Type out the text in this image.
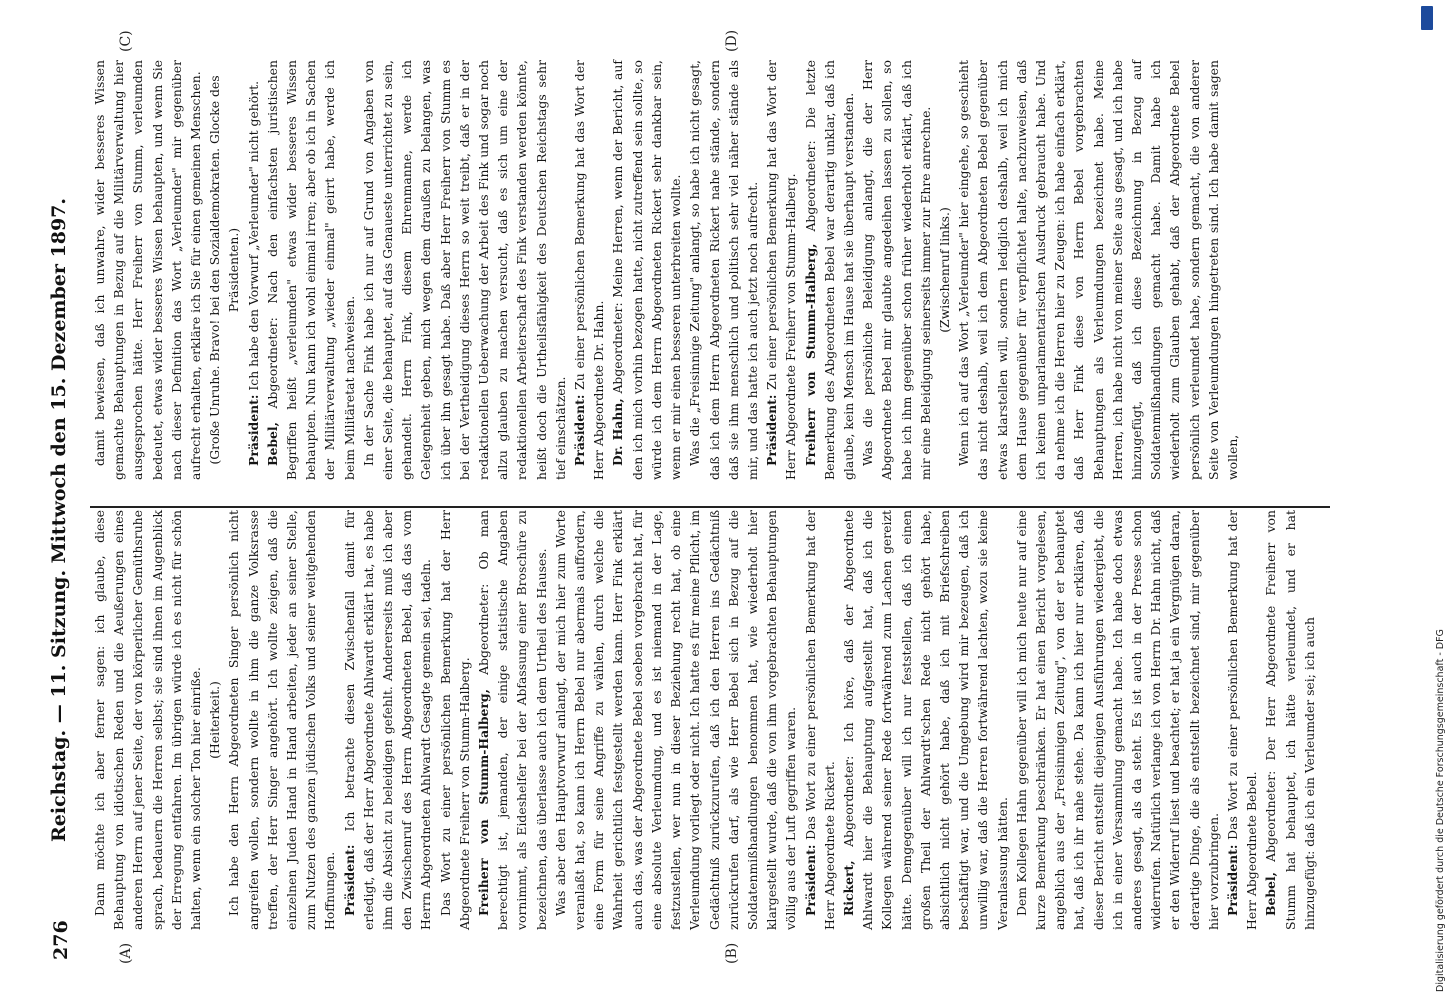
276
Reichstag. — 11. Sitzung. Mittwoch den 15. Dezember 1897.
(A)	(B)
(C)	(D)

Dann möchte ich aber ferner sagen: ich glaube, diese Behauptung von idiotischen Reden und die Aeußerungen eines anderen Herrn auf jener Seite, der von körperlicher Gemüthsruhe sprach, bedauern die Herren selbst; sie sind ihnen im Augenblick der Erregung entfahren. Im übrigen würde ich es nicht für schön halten, wenn ein solcher Ton hier einriße. (Heiterkeit.) Ich habe den Herrn Abgeordneten Singer persönlich nicht angreifen wollen, sondern wollte in ihm die ganze Volksrasse treffen, der Herr Singer angehört. Ich wollte zeigen, daß die einzelnen Juden Hand in Hand arbeiten, jeder an seiner Stelle, zum Nutzen des ganzen jüdischen Volks und seiner weitgehenden Hoffnungen. Präsident: Ich betrachte diesen Zwischenfall damit für erledigt, daß der Herr Abgeordnete Ahlwardt erklärt hat, es habe ihm die Absicht zu beleidigen gefehlt. Andererseits muß ich aber den Zwischenruf des Herrn Abgeordneten Bebel, daß das vom Herrn Abgeordneten Ahlwardt Gesagte gemein sei, tadeln. Das Wort zu einer persönlichen Bemerkung hat der Herr Abgeordnete Freiherr von Stumm-Halberg. Freiherr von Stumm-Halberg, Abgeordneter: Ob man berechtigt ist, jemanden, der einige statistische Angaben vornimmt, als Eideshelfer bei der Abfassung einer Broschüre zu bezeichnen, das überlasse auch ich dem Urtheil des Hauses. Was aber den Hauptvorwurf anlangt, der mich hier zum Worte veranlaßt hat, so kann ich Herrn Bebel nur abermals auffordern, eine Form für seine Angriffe zu wählen, durch welche die Wahrheit gerichtlich festgestellt werden kann. Herr Fink erklärt auch das, was der Abgeordnete Bebel soeben vorgebracht hat, für eine absolute Verleumdung, und es ist niemand in der Lage, festzustellen, wer nun in dieser Beziehung recht hat, ob eine Verleumdung vorliegt oder nicht. Ich hatte es für meine Pflicht, im Gedächtniß zurückzurufen, daß ich den Herren ins Gedächtniß zurückrufen darf, als wie Herr Bebel sich in Bezug auf die Soldatenmißhandlungen benommen hat, wie wiederholt hier klargestellt wurde, daß die von ihm vorgebrachten Behauptungen völlig aus der Luft gegriffen waren. Präsident: Das Wort zu einer persönlichen Bemerkung hat der Herr Abgeordnete Rickert. Rickert, Abgeordneter: Ich höre, daß der Abgeordnete Ahlwardt hier die Behauptung aufgestellt hat, daß ich die Kollegen während seiner Rede fortwährend zum Lachen gereizt hätte. Demgegenüber will ich nur feststellen, daß ich einen großen Theil der Ahlwardt'schen Rede nicht gehört habe, absichtlich nicht gehört habe, daß ich mit Briefschreiben beschäftigt war, und die Umgebung wird mir bezeugen, daß ich unwillig war, daß die Herren fortwährend lachten, wozu sie keine Veranlassung hätten. Dem Kollegen Hahn gegenüber will ich mich heute nur auf eine kurze Bemerkung beschränken. Er hat einen Bericht vorgelesen, angeblich aus der „Freisinnigen Zeitung", von der er behauptet hat, daß ich ihr nahe stehe. Da kann ich hier nur erklären, daß dieser Bericht entstellt diejenigen Ausführungen wiedergiebt, die ich in einer Versammlung gemacht habe. Ich habe doch etwas anderes gesagt, als da steht. Es ist auch in der Presse schon widerrufen. Natürlich verlange ich von Herrn Dr. Hahn nicht, daß er den Widerruf liest und beachtet; er hat ja ein Vergnügen daran, derartige Dinge, die als entstellt bezeichnet sind, mir gegenüber hier vorzubringen. Präsident: Das Wort zu einer persönlichen Bemerkung hat der Herr Abgeordnete Bebel. Bebel, Abgeordneter: Der Herr Abgeordnete Freiherr von Stumm hat behauptet, ich hätte verleumdet, und er hat hinzugefügt: daß ich ein Verleumder sei; ich auch

damit bewiesen, daß ich unwahre, wider besseres Wissen gemachte Behauptungen in Bezug auf die Militärverwaltung hier ausgesprochen hätte. Herr Freiherr von Stumm, verleumden bedeutet, etwas wider besseres Wissen behaupten, und wenn Sie nach dieser Definition das Wort „Verleumder" mir gegenüber aufrecht erhalten, erkläre ich Sie für einen gemeinen Menschen. (Große Unruhe. Bravo! bei den Sozialdemokraten. Glocke des Präsidenten.)

Präsident: Ich habe den Vorwurf „Verleumder" nicht gehört.

Bebel, Abgeordneter: Nach den einfachsten juristischen Begriffen heißt „verleumden" etwas wider besseres Wissen behaupten. Nun kann ich wohl einmal irren; aber ob ich in Sachen der Militärverwaltung „wieder einmal" geirrt habe, werde ich beim Militäretat nachweisen. In der Sache Fink habe ich nur auf Grund von Angaben von einer Seite, die behauptet, auf das Genaueste unterrichtet zu sein, gehandelt. Herrn Fink, diesem Ehrenmanne, werde ich Gelegenheit geben, mich wegen dem draußen zu belangen, was ich über ihn gesagt habe. Daß aber Herr Freiherr von Stumm es bei der Vertheidigung dieses Herrn so weit treibt, daß er in der redaktionellen Ueberwachung der Arbeit des Fink und sogar noch allzu glauben zu machen versucht, daß es sich um eine der redaktionellen Arbeiterschaft des Fink verstanden werden könnte, heißt doch die Urtheilsfähigkeit des Deutschen Reichstags sehr tief einschätzen. Präsident: Zu einer persönlichen Bemerkung hat das Wort der Herr Abgeordnete Dr. Hahn. Dr. Hahn, Abgeordneter: Meine Herren, wenn der Bericht, auf den ich mich vorhin bezogen hatte, nicht zutreffend sein sollte, so würde ich dem Herrn Abgeordneten Rickert sehr dankbar sein, wenn er mir einen besseren unterbreiten wollte. Was die „Freisinnige Zeitung" anlangt, so habe ich nicht gesagt, daß ich dem Herrn Abgeordneten Rickert nahe stände, sondern daß sie ihm menschlich und politisch sehr viel näher stände als mir, und das hatte ich auch jetzt noch aufrecht. Präsident: Zu einer persönlichen Bemerkung hat das Wort der Herr Abgeordnete Freiherr von Stumm-Halberg. Freiherr von Stumm-Halberg, Abgeordneter: Die letzte Bemerkung des Abgeordneten Bebel war derartig unklar, daß ich glaube, kein Mensch im Hause hat sie überhaupt verstanden. Was die persönliche Beleidigung anlangt, die der Herr Abgeordnete Bebel mir glaubte angedeihen lassen zu sollen, so habe ich ihm gegenüber schon früher wiederholt erklärt, daß ich mir eine Beleidigung seinerseits immer zur Ehre anrechne. (Zwischenruf links.) Wenn ich auf das Wort „Verleumder" hier eingehe, so geschieht das nicht deshalb, weil ich dem Abgeordneten Bebel gegenüber etwas klarstellen will, sondern lediglich deshalb, weil ich mich dem Hause gegenüber für verpflichtet halte, nachzuweisen, daß ich keinen unparlamentarischen Ausdruck gebraucht habe. Und da nehme ich die Herren hier zu Zeugen: ich habe einfach erklärt, daß Herr Fink diese von Herrn Bebel vorgebrachten Behauptungen als Verleumdungen bezeichnet habe. Meine Herren, ich habe nicht von meiner Seite aus gesagt, und ich habe hinzugefügt, daß ich diese Bezeichnung in Bezug auf Soldatenmißhandlungen gemacht habe. Damit habe ich wiederholt zum Glauben gehabt, daß der Abgeordnete Bebel persönlich verleumdet habe, sondern gemacht, die von anderer Seite von Verleumdungen hingetreten sind. Ich habe damit sagen wollen,

Digitalisierung gefördert durch die Deutsche Forschungsgemeinschaft - DFG
